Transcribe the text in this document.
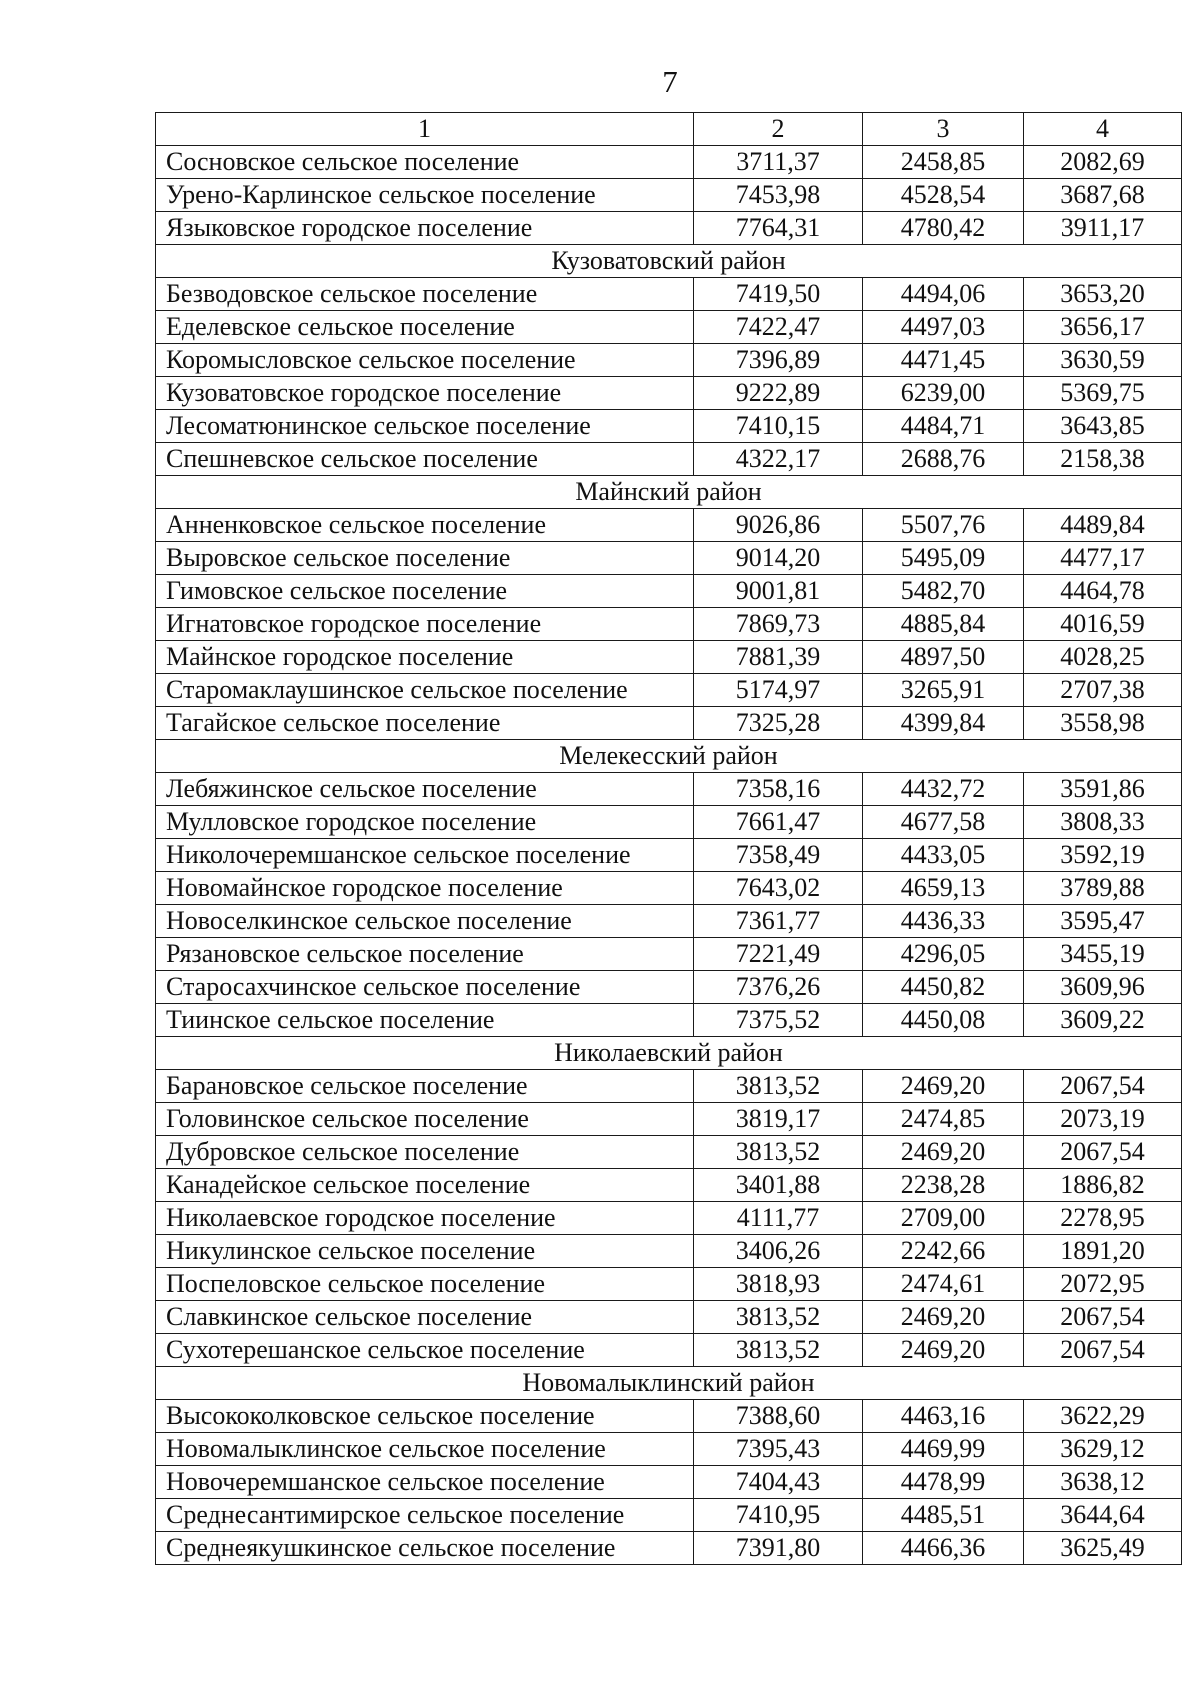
7
1	2	3	4
Сосновское сельское поселение	3711,37	2458,85	2082,69
Урено-Карлинское сельское поселение	7453,98	4528,54	3687,68
Языковское городское поселение	7764,31	4780,42	3911,17
Кузоватовский район			
Безводовское сельское поселение	7419,50	4494,06	3653,20
Еделевское сельское поселение	7422,47	4497,03	3656,17
Коромысловское сельское поселение	7396,89	4471,45	3630,59
Кузоватовское городское поселение	9222,89	6239,00	5369,75
Лесоматюнинское сельское поселение	7410,15	4484,71	3643,85
Спешневское сельское поселение	4322,17	2688,76	2158,38
Майнский район			
Анненковское сельское поселение	9026,86	5507,76	4489,84
Выровское сельское поселение	9014,20	5495,09	4477,17
Гимовское сельское поселение	9001,81	5482,70	4464,78
Игнатовское городское поселение	7869,73	4885,84	4016,59
Майнское городское поселение	7881,39	4897,50	4028,25
Старомаклаушинское сельское поселение	5174,97	3265,91	2707,38
Тагайское сельское поселение	7325,28	4399,84	3558,98
Мелекесский район			
Лебяжинское сельское поселение	7358,16	4432,72	3591,86
Мулловское городское поселение	7661,47	4677,58	3808,33
Николочеремшанское сельское поселение	7358,49	4433,05	3592,19
Новомайнское городское поселение	7643,02	4659,13	3789,88
Новоселкинское сельское поселение	7361,77	4436,33	3595,47
Рязановское сельское поселение	7221,49	4296,05	3455,19
Старосахчинское сельское поселение	7376,26	4450,82	3609,96
Тиинское сельское поселение	7375,52	4450,08	3609,22
Николаевский район			
Барановское сельское поселение	3813,52	2469,20	2067,54
Головинское сельское поселение	3819,17	2474,85	2073,19
Дубровское сельское поселение	3813,52	2469,20	2067,54
Канадейское сельское поселение	3401,88	2238,28	1886,82
Николаевское городское поселение	4111,77	2709,00	2278,95
Никулинское сельское поселение	3406,26	2242,66	1891,20
Поспеловское сельское поселение	3818,93	2474,61	2072,95
Славкинское сельское поселение	3813,52	2469,20	2067,54
Сухотерешанское сельское поселение	3813,52	2469,20	2067,54
Новомалыклинский район			
Высококолковское сельское поселение	7388,60	4463,16	3622,29
Новомалыклинское сельское поселение	7395,43	4469,99	3629,12
Новочеремшанское сельское поселение	7404,43	4478,99	3638,12
Среднесантимирское сельское поселение	7410,95	4485,51	3644,64
Среднеякушкинское сельское поселение	7391,80	4466,36	3625,49
